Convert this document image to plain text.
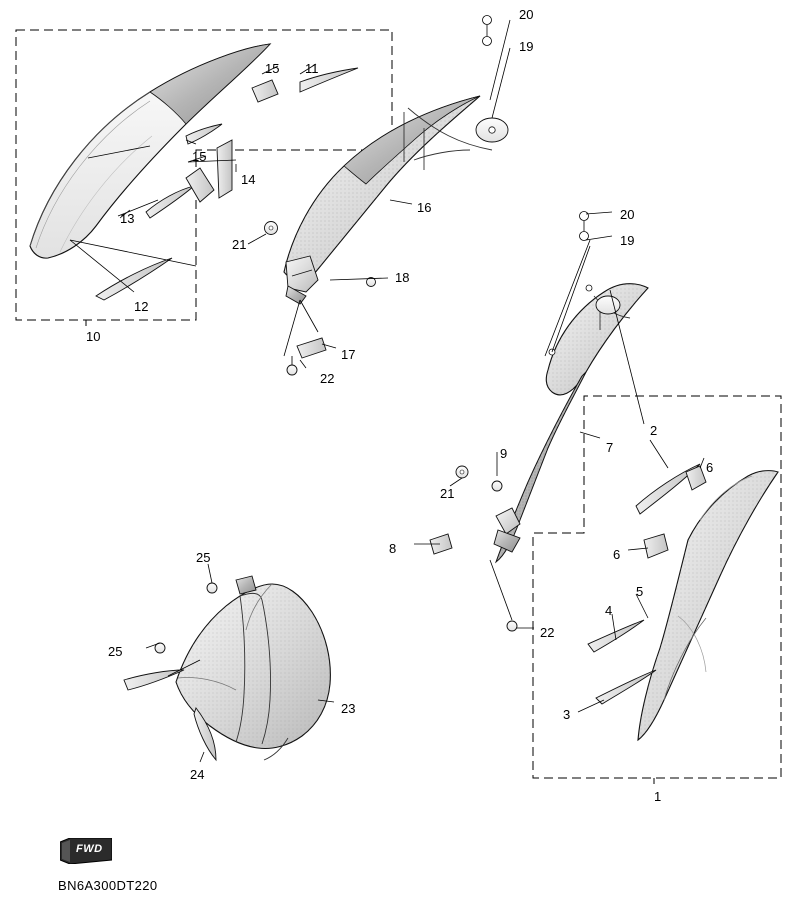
20
19
15 11
15
14
16	20
13
19
21
18
12
10
17
22
2
7
9
6
21
8	6
25
5
4
22
25
23	3
24
1
FWD
BN6A300DT220
